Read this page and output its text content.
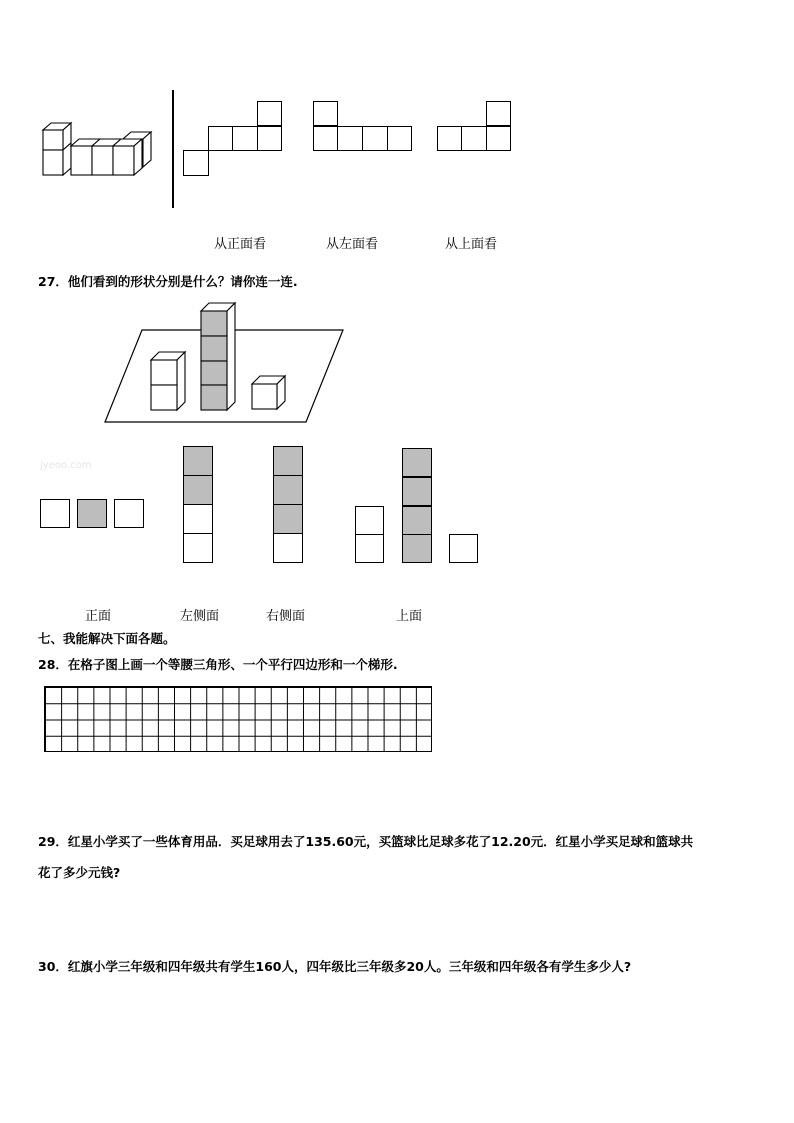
从正面看	从左面看	从上面看
27．他们看到的形状分别是什么？请你连一连.
jyeoo.com
正面	左侧面	右侧面	上面
七、我能解决下面各题。
28．在格子图上画一个等腰三角形、一个平行四边形和一个梯形.
29．红星小学买了一些体育用品．买足球用去了135.60元，买篮球比足球多花了12.20元．红星小学买足球和篮球共
花了多少元钱?
30．红旗小学三年级和四年级共有学生160人，四年级比三年级多20人。三年级和四年级各有学生多少人?
